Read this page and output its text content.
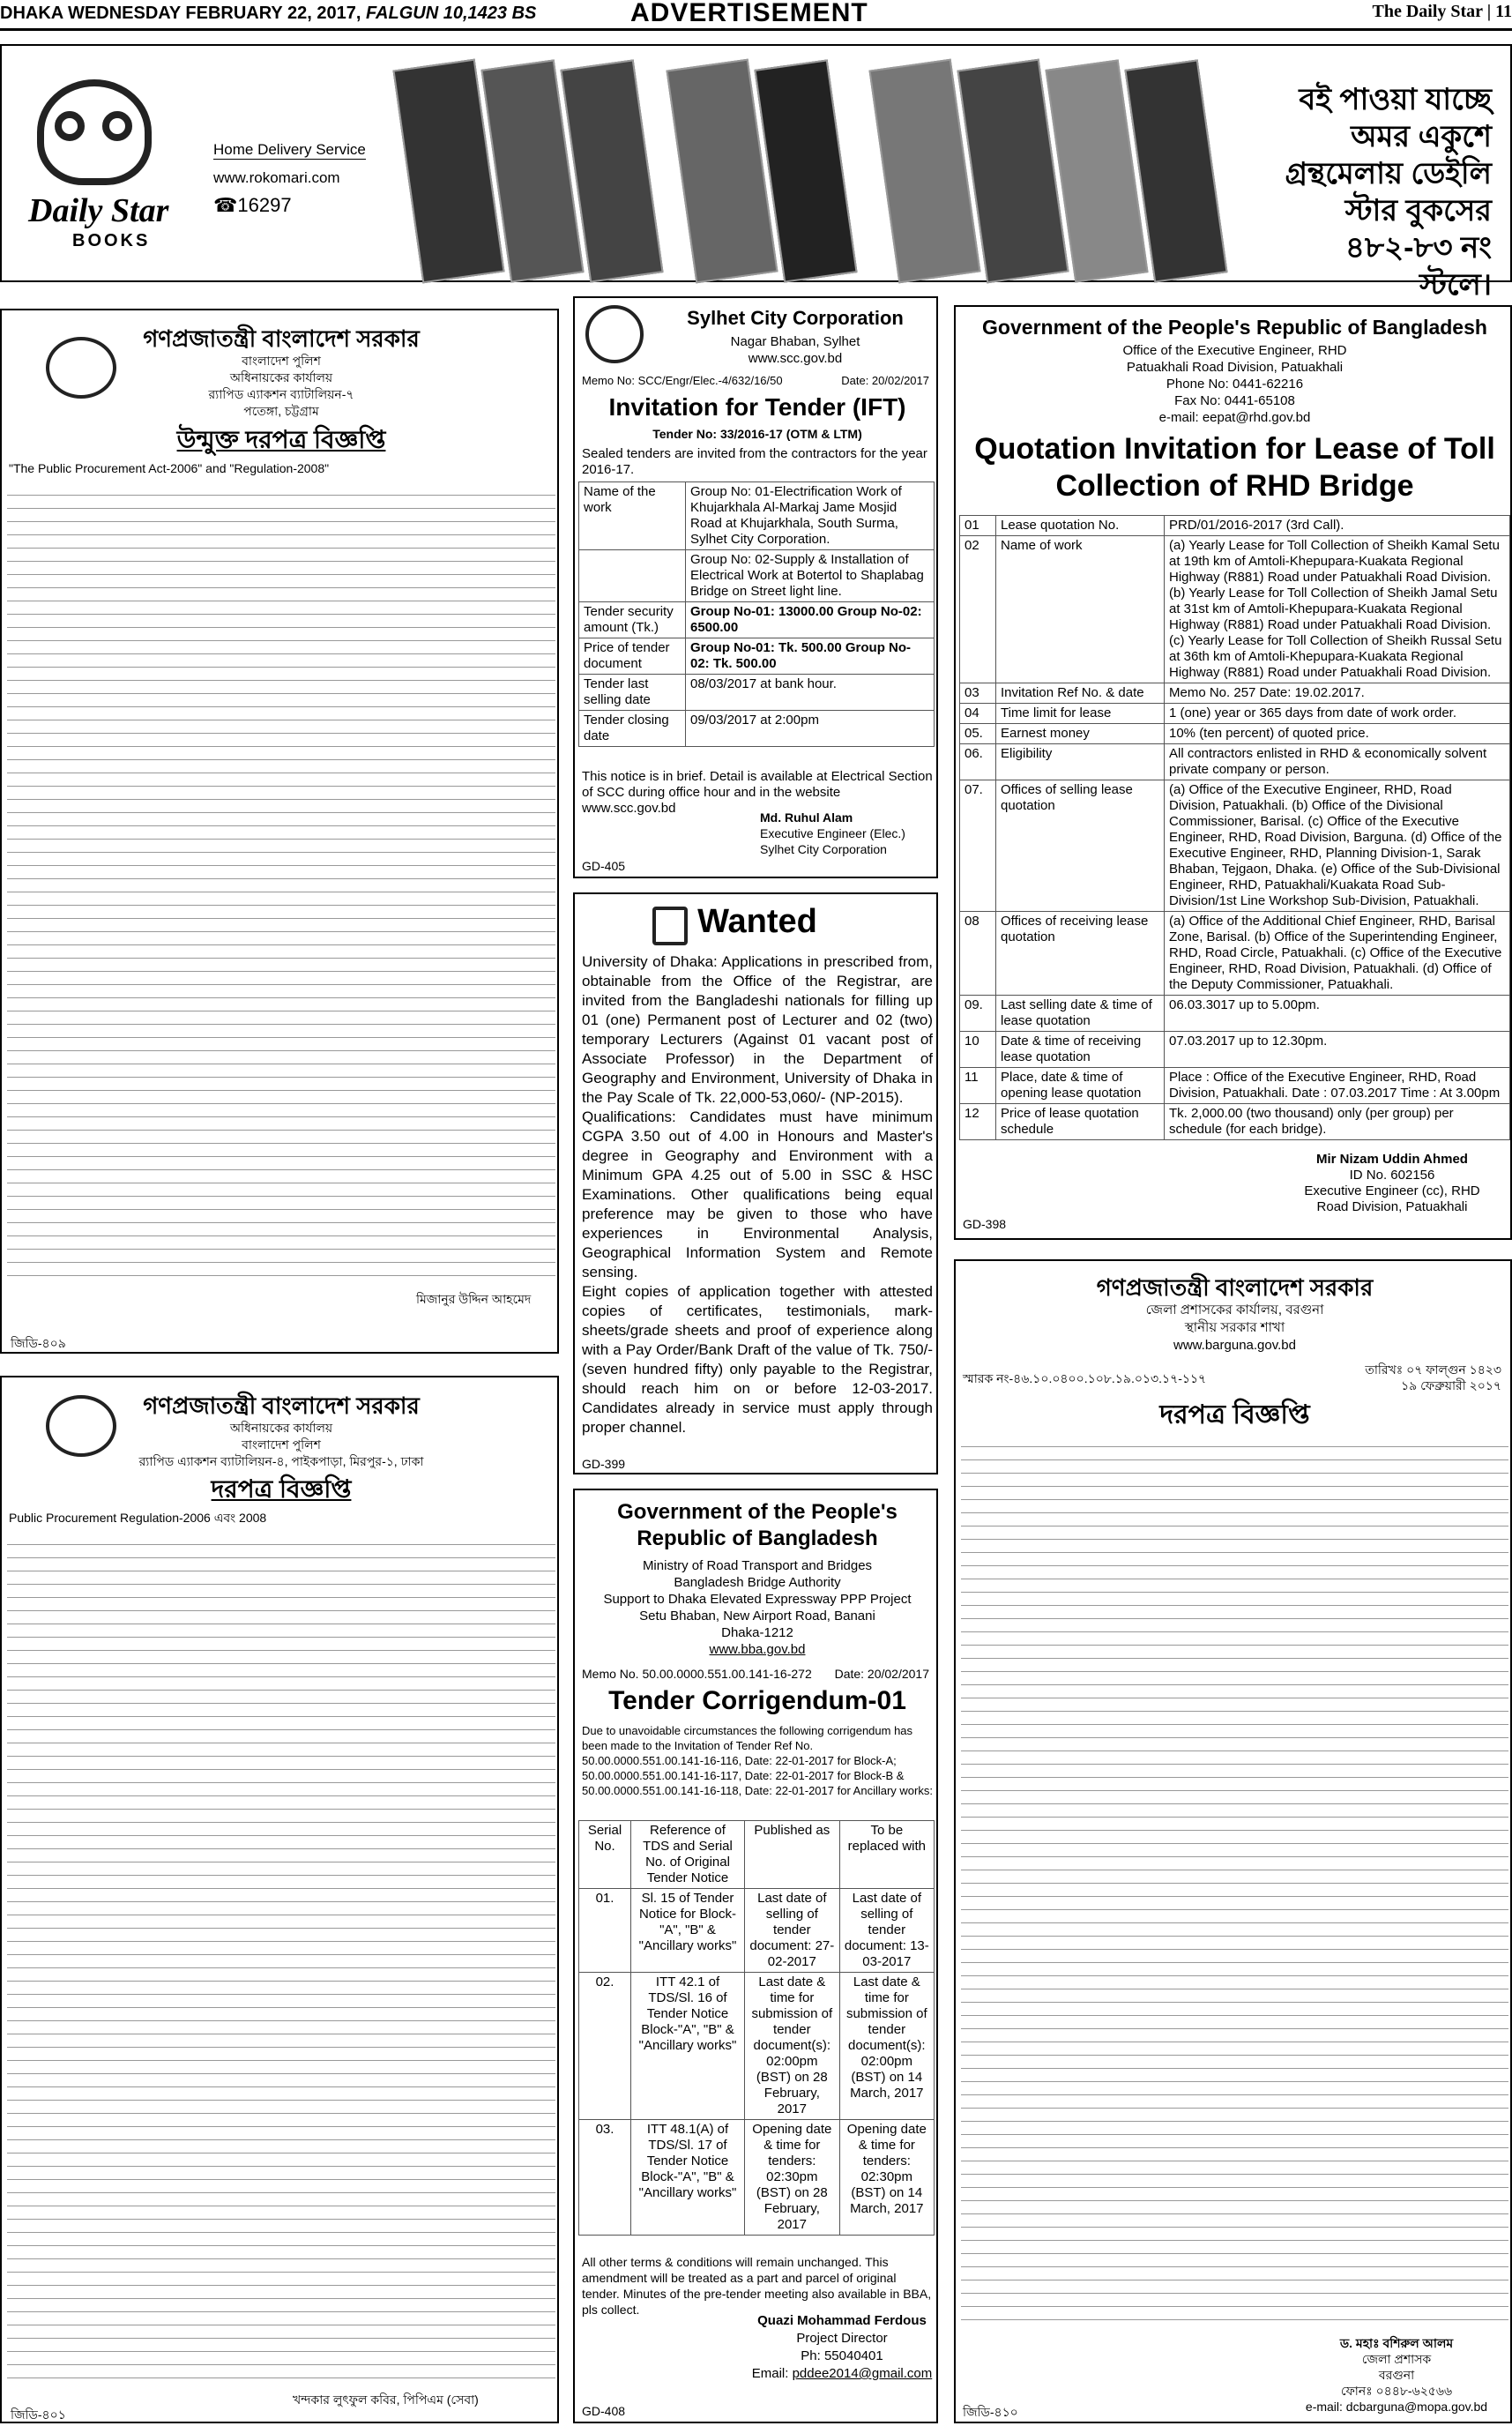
DHAKA WEDNESDAY FEBRUARY 22, 2017, FALGUN 10,1423 BS	ADVERTISEMENT	The Daily Star | 11
Daily Star
BOOKS
Home Delivery Service
www.rokomari.com
☎16297
বই পাওয়া যাচ্ছে অমর একুশে গ্রন্থমেলায় ডেইলি স্টার বুকসের ৪৮২-৮৩ নং স্টলে।
গণপ্রজাতন্ত্রী বাংলাদেশ সরকার
বাংলাদেশ পুলিশ
অধিনায়কের কার্যালয়
র‍্যাপিড এ্যাকশন ব্যাটালিয়ন-৭
পতেঙ্গা, চট্টগ্রাম
উন্মুক্ত দরপত্র বিজ্ঞপ্তি
"The Public Procurement Act-2006" and "Regulation-2008"
মিজানুর উদ্দিন আহমেদ
জিডি-৪০৯
গণপ্রজাতন্ত্রী বাংলাদেশ সরকার
অধিনায়কের কার্যালয়
বাংলাদেশ পুলিশ
র‍্যাপিড এ্যাকশন ব্যাটালিয়ন-৪, পাইকপাড়া, মিরপুর-১, ঢাকা
দরপত্র বিজ্ঞপ্তি
Public Procurement Regulation-2006 এবং 2008
খন্দকার লুৎফুল কবির, পিপিএম (সেবা)
জিডি-৪০১
Sylhet City Corporation
Nagar Bhaban, Sylhet
www.scc.gov.bd
Memo No: SCC/Engr/Elec.-4/632/16/50	Date: 20/02/2017
Invitation for Tender (IFT)
Tender No: 33/2016-17 (OTM & LTM)
Sealed tenders are invited from the contractors for the year 2016-17.
Name of the work	Group No: 01-Electrification Work of Khujarkhala Al-Markaj Jame Mosjid Road at Khujarkhala, South Surma, Sylhet City Corporation.
	Group No: 02-Supply & Installation of Electrical Work at Botertol to Shaplabag Bridge on Street light line.
Tender security amount (Tk.)	Group No-01: 13000.00 Group No-02: 6500.00
Price of tender document	Group No-01: Tk. 500.00 Group No-02: Tk. 500.00
Tender last selling date	08/03/2017 at bank hour.
Tender closing date	09/03/2017 at 2:00pm
This notice is in brief. Detail is available at Electrical Section of SCC during office hour and in the website www.scc.gov.bd
Md. Ruhul Alam
Executive Engineer (Elec.)
Sylhet City Corporation
GD-405
Wanted
University of Dhaka: Applications in prescribed from, obtainable from the Office of the Registrar, are invited from the Bangladeshi nationals for filling up 01 (one) Permanent post of Lecturer and 02 (two) temporary Lecturers (Against 01 vacant post of Associate Professor) in the Department of Geography and Environment, University of Dhaka in the Pay Scale of Tk. 22,000-53,060/- (NP-2015).
Qualifications: Candidates must have minimum CGPA 3.50 out of 4.00 in Honours and Master's degree in Geography and Environment with a Minimum GPA 4.25 out of 5.00 in SSC & HSC Examinations. Other qualifications being equal preference may be given to those who have experiences in Environmental Analysis, Geographical Information System and Remote sensing.
Eight copies of application together with attested copies of certificates, testimonials, mark-sheets/grade sheets and proof of experience along with a Pay Order/Bank Draft of the value of Tk. 750/- (seven hundred fifty) only payable to the Registrar, should reach him on or before 12-03-2017. Candidates already in service must apply through proper channel.
GD-399
Government of the People's Republic of Bangladesh
Ministry of Road Transport and Bridges
Bangladesh Bridge Authority
Support to Dhaka Elevated Expressway PPP Project
Setu Bhaban, New Airport Road, Banani
Dhaka-1212
www.bba.gov.bd
Memo No. 50.00.0000.551.00.141-16-272 Date: 20/02/2017
Tender Corrigendum-01
Due to unavoidable circumstances the following corrigendum has been made to the Invitation of Tender Ref No. 50.00.0000.551.00.141-16-116, Date: 22-01-2017 for Block-A; 50.00.0000.551.00.141-16-117, Date: 22-01-2017 for Block-B & 50.00.0000.551.00.141-16-118, Date: 22-01-2017 for Ancillary works:
Serial No.	Reference of TDS and Serial No. of Original Tender Notice	Published as	To be replaced with
01.	Sl. 15 of Tender Notice for Block-"A", "B" & "Ancillary works"	Last date of selling of tender document: 27-02-2017	Last date of selling of tender document: 13-03-2017
02.	ITT 42.1 of TDS/Sl. 16 of Tender Notice Block-"A", "B" & "Ancillary works"	Last date & time for submission of tender document(s): 02:00pm (BST) on 28 February, 2017	Last date & time for submission of tender document(s): 02:00pm (BST) on 14 March, 2017
03.	ITT 48.1(A) of TDS/Sl. 17 of Tender Notice Block-"A", "B" & "Ancillary works"	Opening date & time for tenders: 02:30pm (BST) on 28 February, 2017	Opening date & time for tenders: 02:30pm (BST) on 14 March, 2017
All other terms & conditions will remain unchanged. This amendment will be treated as a part and parcel of original tender. Minutes of the pre-tender meeting also available in BBA, pls collect.
Quazi Mohammad Ferdous
Project Director
Ph: 55040401
Email: pddee2014@gmail.com
GD-408
Government of the People's Republic of Bangladesh
Office of the Executive Engineer, RHD
Patuakhali Road Division, Patuakhali
Phone No: 0441-62216
Fax No: 0441-65108
e-mail: eepat@rhd.gov.bd
Quotation Invitation for Lease of Toll Collection of RHD Bridge
01	Lease quotation No.	PRD/01/2016-2017 (3rd Call).
02	Name of work	(a) Yearly Lease for Toll Collection of Sheikh Kamal Setu at 19th km of Amtoli-Khepupara-Kuakata Regional Highway (R881) Road under Patuakhali Road Division. (b) Yearly Lease for Toll Collection of Sheikh Jamal Setu at 31st km of Amtoli-Khepupara-Kuakata Regional Highway (R881) Road under Patuakhali Road Division. (c) Yearly Lease for Toll Collection of Sheikh Russal Setu at 36th km of Amtoli-Khepupara-Kuakata Regional Highway (R881) Road under Patuakhali Road Division.
03	Invitation Ref No. & date	Memo No. 257 Date: 19.02.2017.
04	Time limit for lease	1 (one) year or 365 days from date of work order.
05.	Earnest money	10% (ten percent) of quoted price.
06.	Eligibility	All contractors enlisted in RHD & economically solvent private company or person.
07.	Offices of selling lease quotation	(a) Office of the Executive Engineer, RHD, Road Division, Patuakhali. (b) Office of the Divisional Commissioner, Barisal. (c) Office of the Executive Engineer, RHD, Road Division, Barguna. (d) Office of the Executive Engineer, RHD, Planning Division-1, Sarak Bhaban, Tejgaon, Dhaka. (e) Office of the Sub-Divisional Engineer, RHD, Patuakhali/Kuakata Road Sub-Division/1st Line Workshop Sub-Division, Patuakhali.
08	Offices of receiving lease quotation	(a) Office of the Additional Chief Engineer, RHD, Barisal Zone, Barisal. (b) Office of the Superintending Engineer, RHD, Road Circle, Patuakhali. (c) Office of the Executive Engineer, RHD, Road Division, Patuakhali. (d) Office of the Deputy Commissioner, Patuakhali.
09.	Last selling date & time of lease quotation	06.03.3017 up to 5.00pm.
10	Date & time of receiving lease quotation	07.03.2017 up to 12.30pm.
11	Place, date & time of opening lease quotation	Place : Office of the Executive Engineer, RHD, Road Division, Patuakhali. Date : 07.03.2017 Time : At 3.00pm
12	Price of lease quotation schedule	Tk. 2,000.00 (two thousand) only (per group) per schedule (for each bridge).
Mir Nizam Uddin Ahmed
ID No. 602156
Executive Engineer (cc), RHD
Road Division, Patuakhali
GD-398
গণপ্রজাতন্ত্রী বাংলাদেশ সরকার
জেলা প্রশাসকের কার্যালয়, বরগুনা
স্থানীয় সরকার শাখা
www.barguna.gov.bd
স্মারক নং-৪৬.১০.০৪০০.১০৮.১৯.০১৩.১৭-১১৭
তারিখঃ ০৭ ফাল্গুন ১৪২৩
১৯ ফেব্রুয়ারী ২০১৭
দরপত্র বিজ্ঞপ্তি
ড. মহাঃ বশিরুল আলম
জেলা প্রশাসক
বরগুনা
ফোনঃ ০৪৪৮-৬২৫৬৬
e-mail: dcbarguna@mopa.gov.bd
জিডি-৪১০
